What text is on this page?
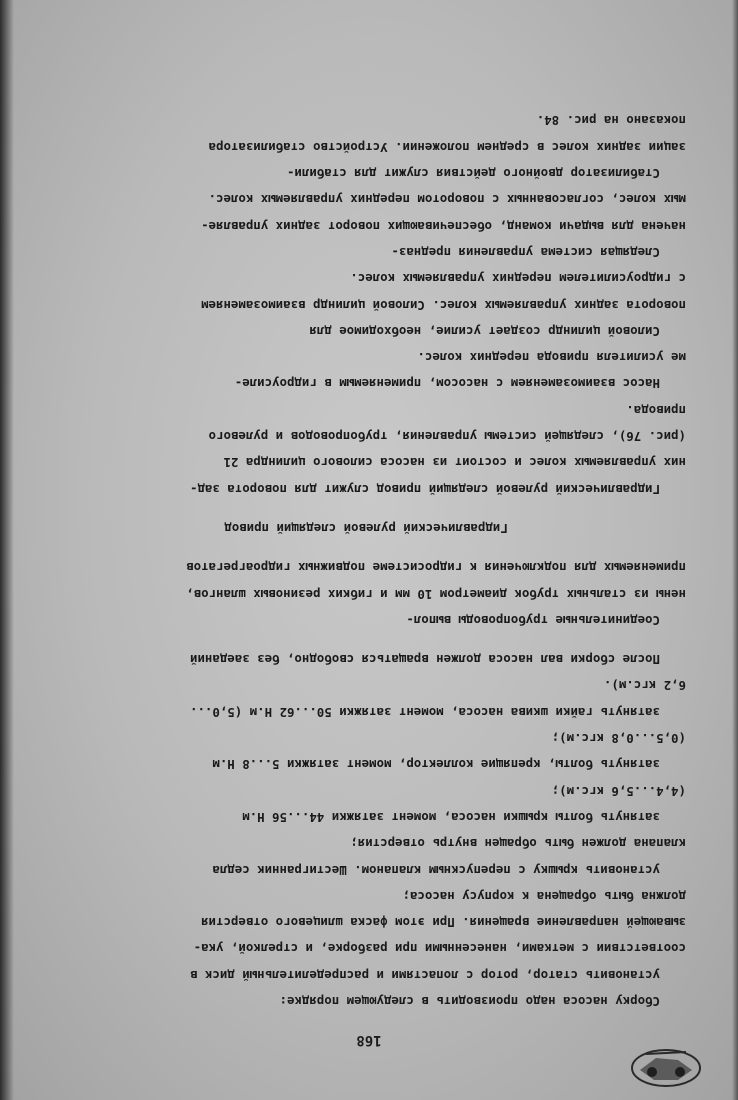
168
Сборку насоса надо производить в следующем порядке:
установить статор, ротор с лопастями и распределительный диск в
соответствии с метками, нанесенными при разборке, и стрелкой, ука-
зывающей направление вращения. При этом фаска шлицевого отверстия
должна быть обращена к корпусу насоса;
установить крышку с перепускным клапаном. Шестигранник седла
клапана должен быть обращен внутрь отверстия;
затянуть болты крышки насоса, момент затяжки 44...56 Н.м
(4,4...5,6 кгс.м);
затянуть болты, крепящие коллектор, момент затяжки 5...8 Н.м
(0,5...0,8 кгс.м);
затянуть гайки шкива насоса, момент затяжки 50...62 Н.м (5,0...
6,2 кгс.м).
После сборки вал насоса должен вращаться свободно, без заеданий
Соединительные трубопроводы выпол-
нены из стальных трубок диаметром 10 мм и гибких резиновых шлангов,
применяемых для подключения к гидросистеме подвижных гидроагрегатов
Гидравлический рулевой следящий привод
Гидравлический рулевой следящий привод служит для поворота зад-
них управляемых колес и состоит из насоса силового цилиндра 21
(рис. 76), следящей системы управления, трубопроводов и рулевого
привода.
Насос взаимозаменяем с насосом, применяемым в гидроусиле-
ме усилителя привода передних колес.
Силовой цилиндр создает усилие, необходимое для
поворота задних управляемых колес. Силовой цилиндр взаимозаменяем
с гидроусилителем передних управляемых колес.
Следящая система управления предназ-
начена для выдачи команд, обеспечивающих поворот задних управляе-
мых колес, согласованных с поворотом передних управляемых колес.
Стабилизатор двойного действия служит для стабили-
зации задних колес в среднем положении. Устройство стабилизатора
показано на рис. 84.
